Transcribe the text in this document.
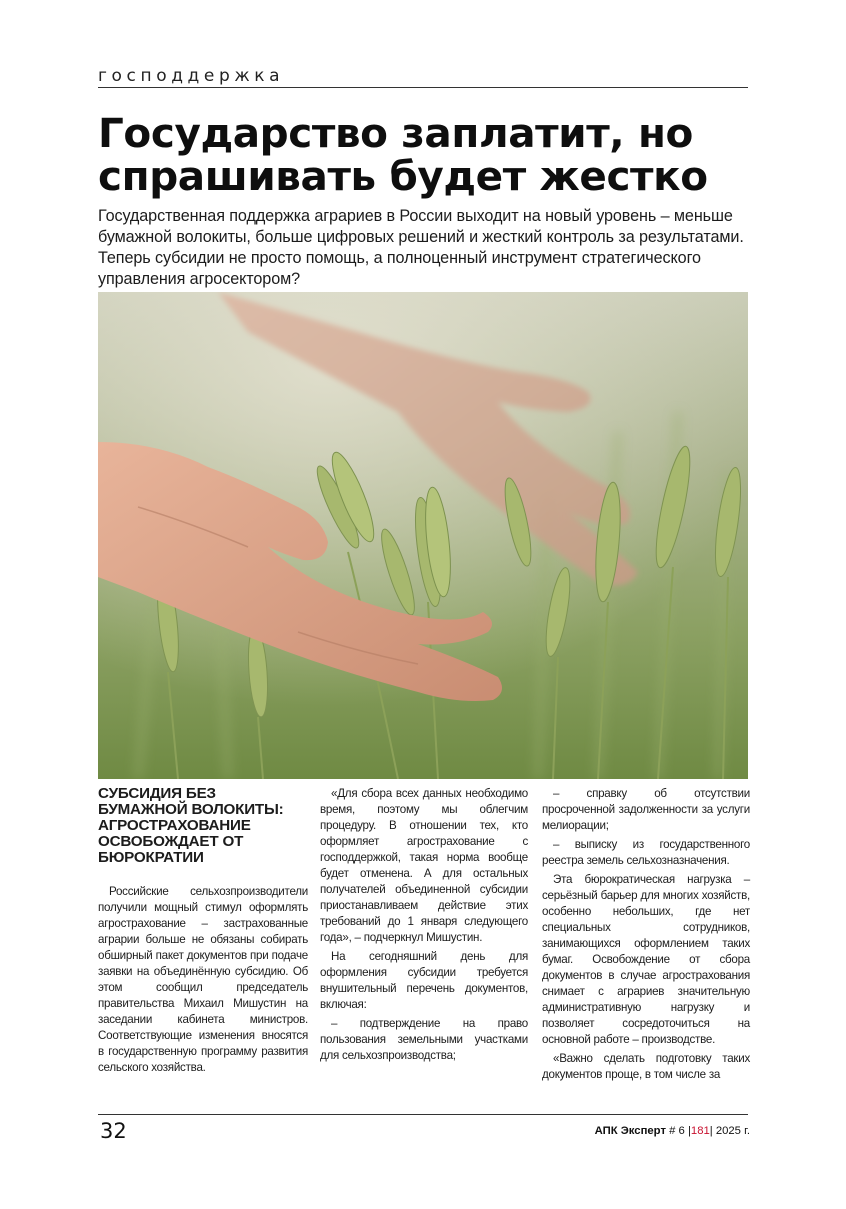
господдержка
Государство заплатит, но спрашивать будет жестко

Государственная поддержка аграриев в России выходит на новый уровень – меньше бумажной волокиты, больше цифровых решений и жесткий контроль за результатами. Теперь субсидии не просто помощь, а полноценный инструмент стратегического управления агросектором?

СУБСИДИЯ БЕЗ БУМАЖНОЙ ВОЛОКИТЫ: АГРОСТРАХОВАНИЕ ОСВОБОЖДАЕТ ОТ БЮРОКРАТИИ

Российские сельхозпроизводители получили мощный стимул оформлять агрострахование – застрахованные аграрии больше не обязаны собирать обширный пакет документов при подаче заявки на объединённую субсидию. Об этом сообщил председатель правительства Михаил Мишустин на заседании кабинета министров. Соответствующие изменения вносятся в государственную программу развития сельского хозяйства.

«Для сбора всех данных необходимо время, поэтому мы облегчим процедуру. В отношении тех, кто оформляет агрострахование с господдержкой, такая норма вообще будет отменена. А для остальных получателей объединенной субсидии приостанавливаем действие этих требований до 1 января следующего года», – подчеркнул Мишустин.

На сегодняшний день для оформления субсидии требуется внушительный перечень документов, включая:

– подтверждение на право пользования земельными участками для сельхозпроизводства;

– справку об отсутствии просроченной задолженности за услуги мелиорации;

– выписку из государственного реестра земель сельхозназначения.

Эта бюрократическая нагрузка – серьёзный барьер для многих хозяйств, особенно небольших, где нет специальных сотрудников, занимающихся оформлением таких бумаг. Освобождение от сбора документов в случае агрострахования снимает с аграриев значительную административную нагрузку и позволяет сосредоточиться на основной работе – производстве.

«Важно сделать подготовку таких документов проще, в том числе за

32	АПК Эксперт # 6 |181| 2025 г.
